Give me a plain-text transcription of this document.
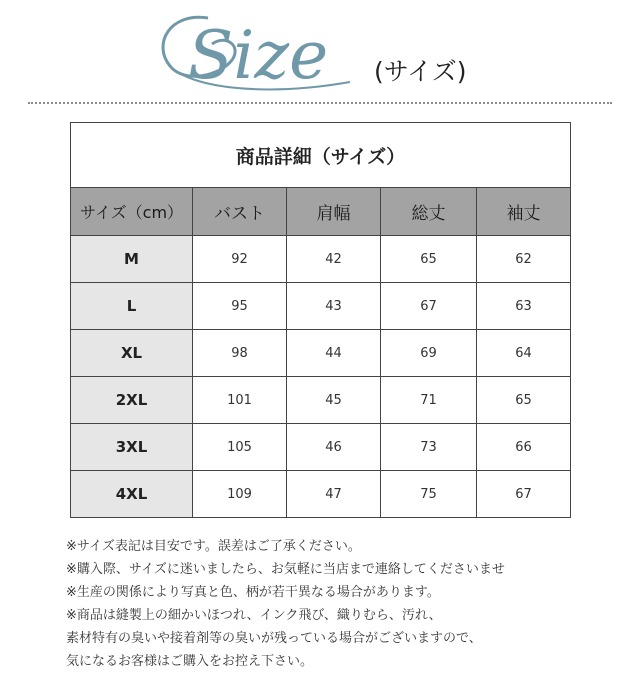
Size (サイズ)
商品詳細（サイズ）				
サイズ（cm）	バスト	肩幅	総丈	袖丈
M	92	42	65	62
L	95	43	67	63
XL	98	44	69	64
2XL	101	45	71	65
3XL	105	46	73	66
4XL	109	47	75	67
※サイズ表記は目安です。誤差はご了承ください。
※購入際、サイズに迷いましたら、お気軽に当店まで連絡してくださいませ
※生産の関係により写真と色、柄が若干異なる場合があります。
※商品は縫製上の細かいほつれ、インク飛び、織りむら、汚れ、
素材特有の臭いや接着剤等の臭いが残っている場合がございますので、
気になるお客様はご購入をお控え下さい。
